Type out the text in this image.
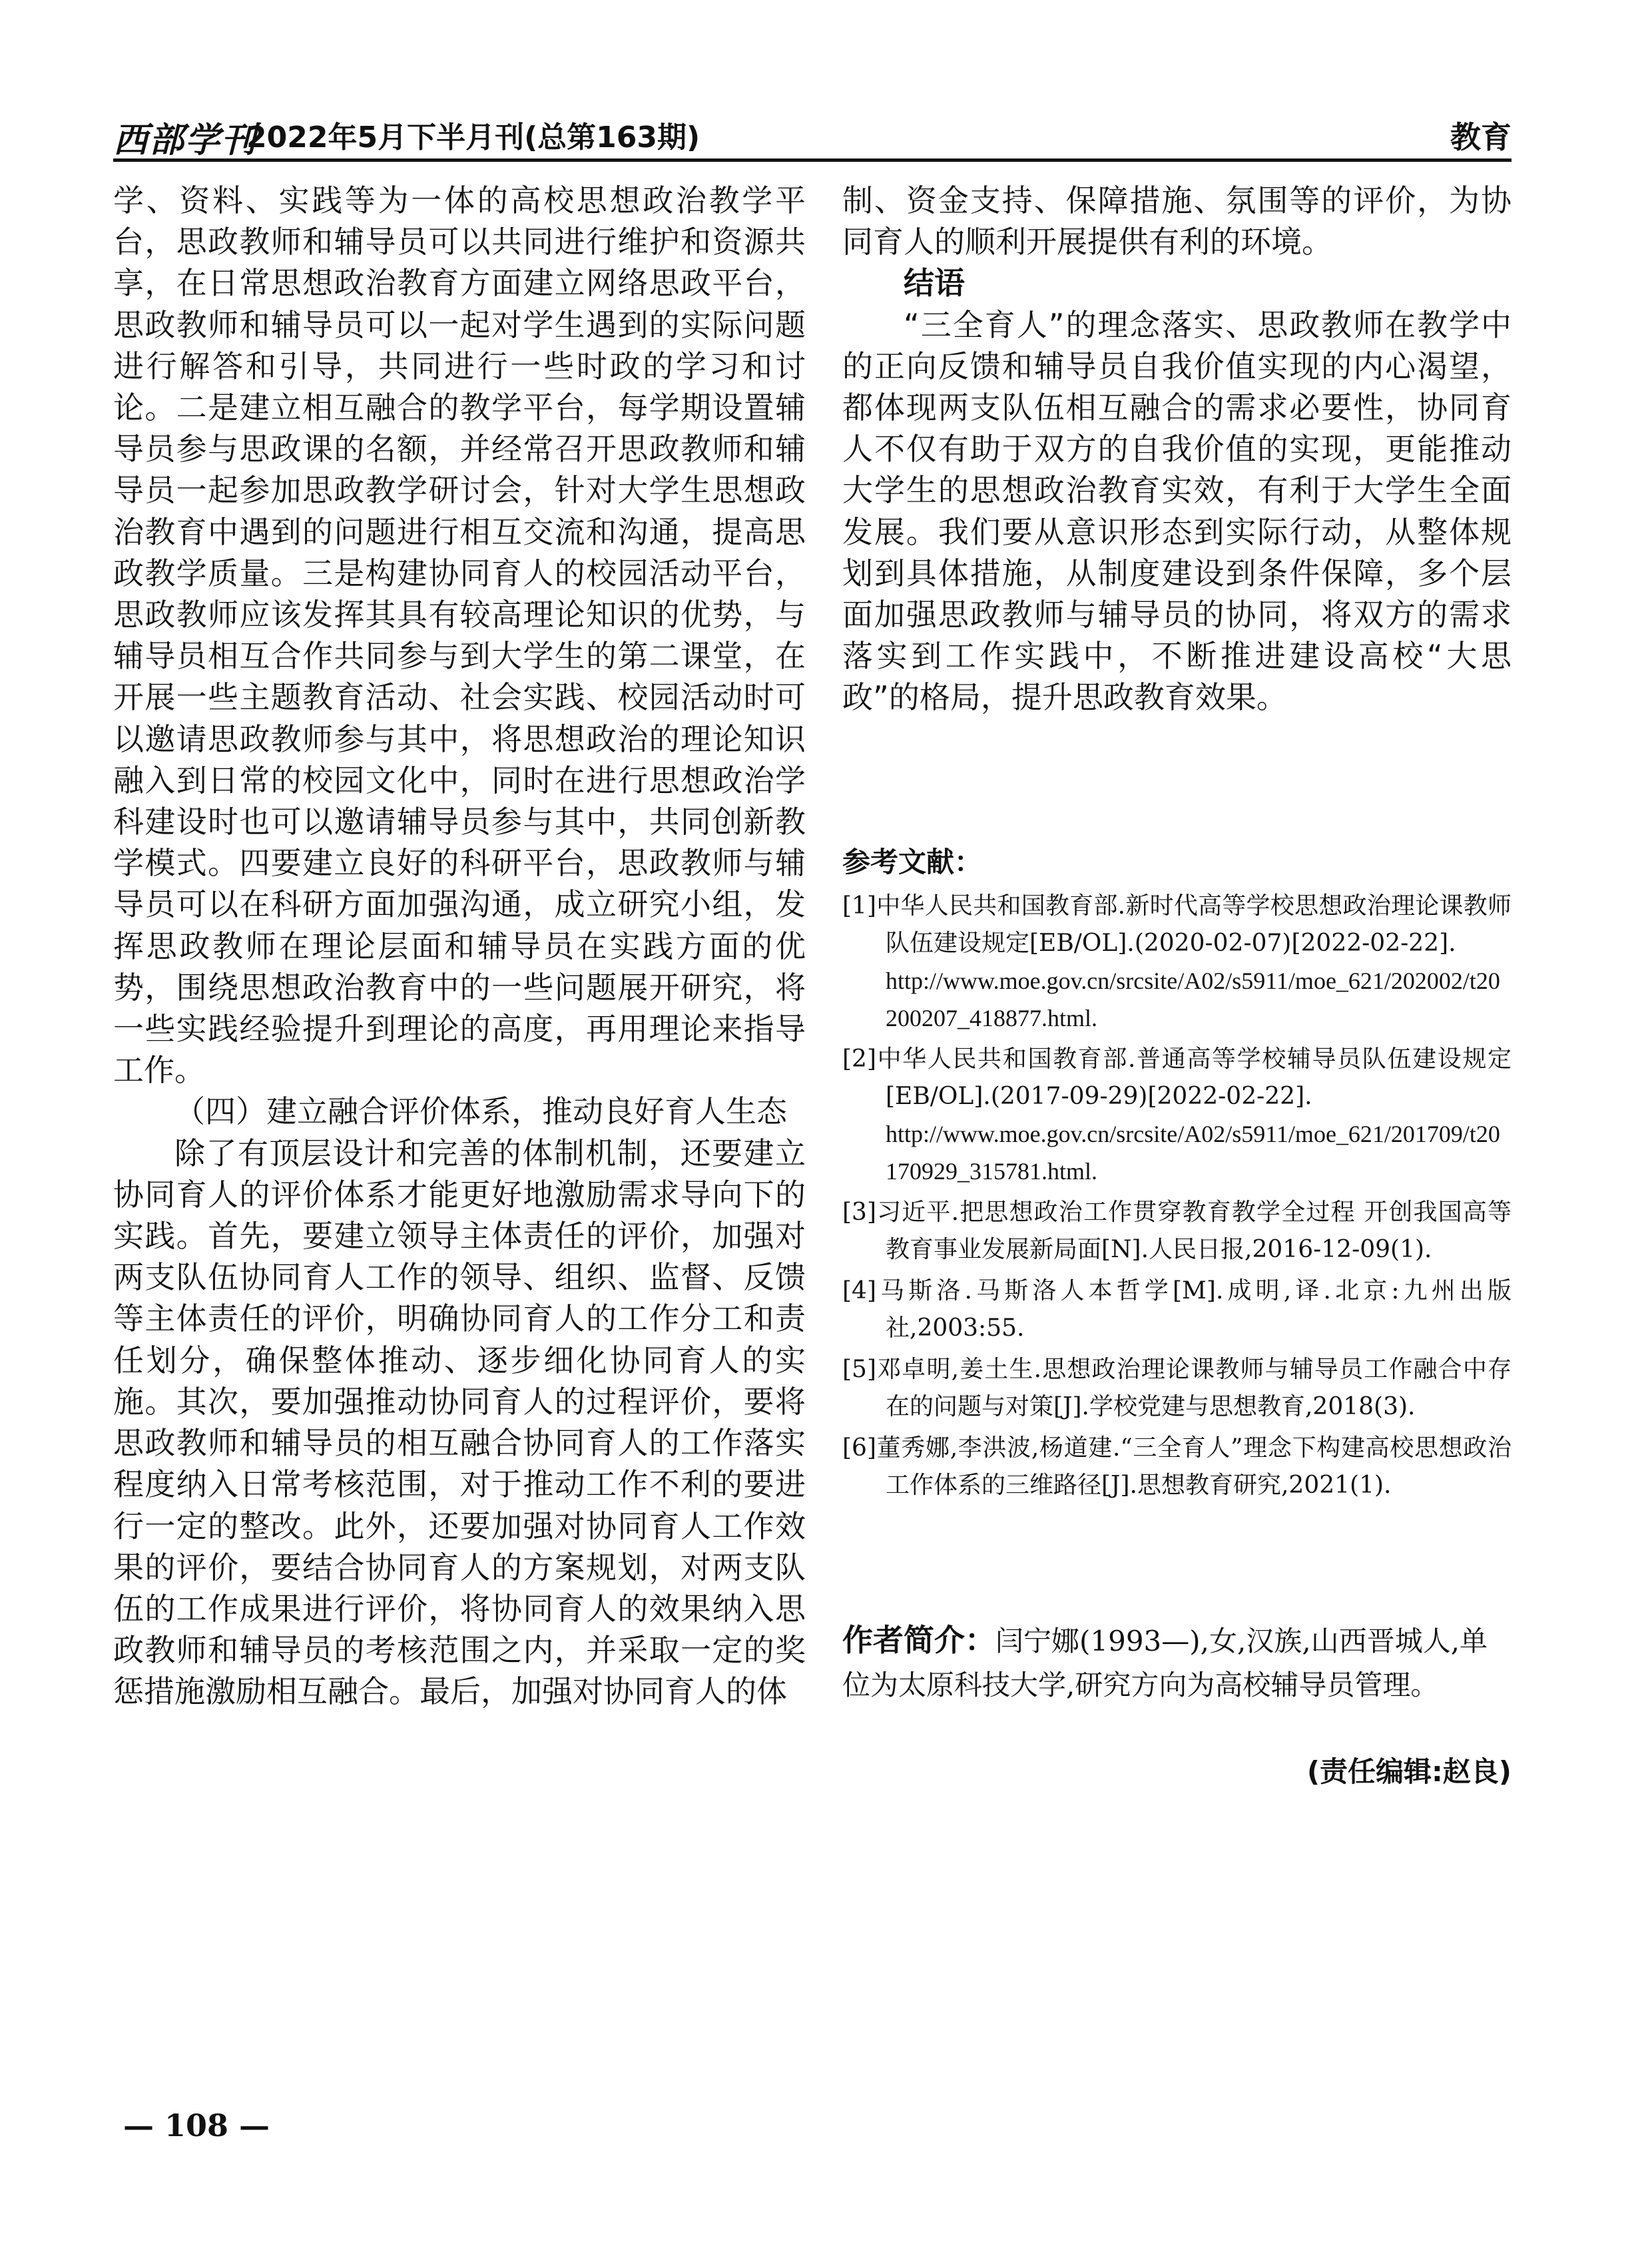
西部学刊
2022年5月下半月刊(总第163期)	教育

学、资料、实践等为一体的高校思想政治教学平台，思政教师和辅导员可以共同进行维护和资源共享，在日常思想政治教育方面建立网络思政平台，思政教师和辅导员可以一起对学生遇到的实际问题进行解答和引导，共同进行一些时政的学习和讨论。二是建立相互融合的教学平台，每学期设置辅导员参与思政课的名额，并经常召开思政教师和辅导员一起参加思政教学研讨会，针对大学生思想政治教育中遇到的问题进行相互交流和沟通，提高思政教学质量。三是构建协同育人的校园活动平台，思政教师应该发挥其具有较高理论知识的优势，与辅导员相互合作共同参与到大学生的第二课堂，在开展一些主题教育活动、社会实践、校园活动时可以邀请思政教师参与其中，将思想政治的理论知识融入到日常的校园文化中，同时在进行思想政治学科建设时也可以邀请辅导员参与其中，共同创新教学模式。四要建立良好的科研平台，思政教师与辅导员可以在科研方面加强沟通，成立研究小组，发挥思政教师在理论层面和辅导员在实践方面的优势，围绕思想政治教育中的一些问题展开研究，将一些实践经验提升到理论的高度，再用理论来指导工作。

（四）建立融合评价体系，推动良好育人生态

除了有顶层设计和完善的体制机制，还要建立协同育人的评价体系才能更好地激励需求导向下的实践。首先，要建立领导主体责任的评价，加强对两支队伍协同育人工作的领导、组织、监督、反馈等主体责任的评价，明确协同育人的工作分工和责任划分，确保整体推动、逐步细化协同育人的实施。其次，要加强推动协同育人的过程评价，要将思政教师和辅导员的相互融合协同育人的工作落实程度纳入日常考核范围，对于推动工作不利的要进行一定的整改。此外，还要加强对协同育人工作效果的评价，要结合协同育人的方案规划，对两支队伍的工作成果进行评价，将协同育人的效果纳入思政教师和辅导员的考核范围之内，并采取一定的奖惩措施激励相互融合。最后，加强对协同育人的体

制、资金支持、保障措施、氛围等的评价，为协同育人的顺利开展提供有利的环境。

结语

“三全育人”的理念落实、思政教师在教学中的正向反馈和辅导员自我价值实现的内心渴望，都体现两支队伍相互融合的需求必要性，协同育人不仅有助于双方的自我价值的实现，更能推动大学生的思想政治教育实效，有利于大学生全面发展。我们要从意识形态到实际行动，从整体规划到具体措施，从制度建设到条件保障，多个层面加强思政教师与辅导员的协同，将双方的需求落实到工作实践中，不断推进建设高校“大思政”的格局，提升思政教育效果。

参考文献：

[1]中华人民共和国教育部.新时代高等学校思想政治理论课教师队伍建设规定[EB/OL].(2020-02-07)[2022-02-22].
http://www.moe.gov.cn/srcsite/A02/s5911/moe_621/202002/t20200207_418877.html.

[2]中华人民共和国教育部.普通高等学校辅导员队伍建设规定[EB/OL].(2017-09-29)[2022-02-22].
http://www.moe.gov.cn/srcsite/A02/s5911/moe_621/201709/t20170929_315781.html.

[3]习近平.把思想政治工作贯穿教育教学全过程 开创我国高等教育事业发展新局面[N].人民日报,2016-12-09(1).

[4]马斯洛.马斯洛人本哲学[M].成明,译.北京:九州出版社,2003:55.

[5]邓卓明,姜土生.思想政治理论课教师与辅导员工作融合中存在的问题与对策[J].学校党建与思想教育,2018(3).

[6]董秀娜,李洪波,杨道建.“三全育人”理念下构建高校思想政治工作体系的三维路径[J].思想教育研究,2021(1).

作者简介：闫宁娜(1993—),女,汉族,山西晋城人,单位为太原科技大学,研究方向为高校辅导员管理。
(责任编辑:赵良)
— 108 —
